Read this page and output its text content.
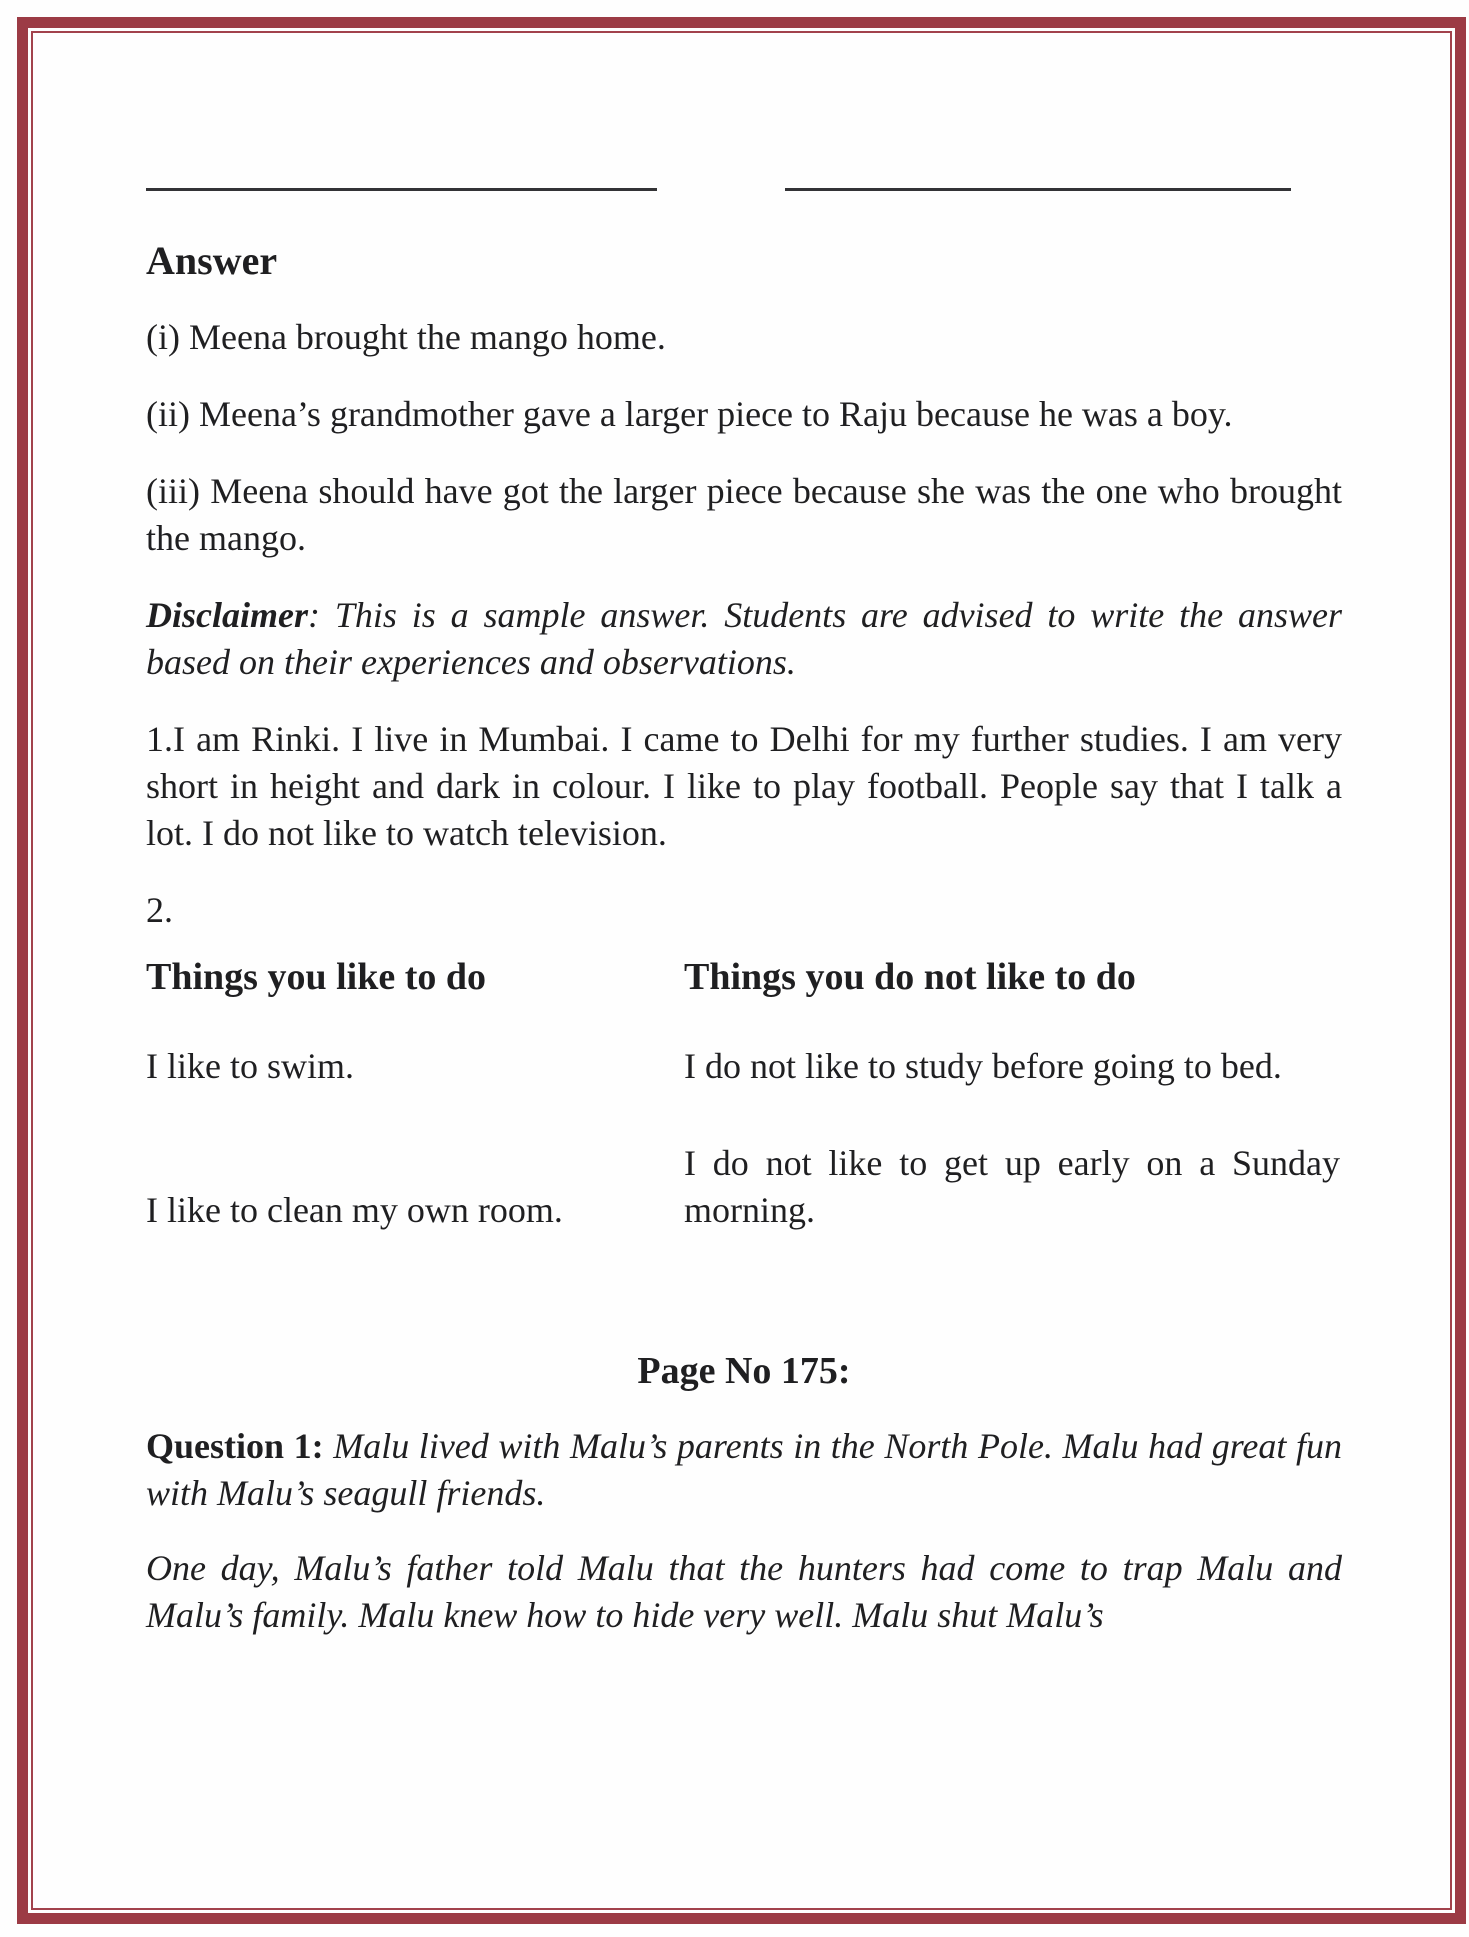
Answer

(i) Meena brought the mango home.

(ii) Meena’s grandmother gave a larger piece to Raju because he was a boy.

(iii) Meena should have got the larger piece because she was the one who brought the mango.

Disclaimer: This is a sample answer. Students are advised to write the answer based on their experiences and observations.

1.I am Rinki. I live in Mumbai. I came to Delhi for my further studies. I am very short in height and dark in colour. I like to play football. People say that I talk a lot. I do not like to watch television.

2.

Things you like to do	Things you do not like to do
I like to swim.	I do not like to study before going to bed.
I like to clean my own room.	I do not like to get up early on a Sunday morning.
Page No 175:

Question 1: Malu lived with Malu’s parents in the North Pole. Malu had great fun with Malu’s seagull friends.

One day, Malu’s father told Malu that the hunters had come to trap Malu and Malu’s family. Malu knew how to hide very well. Malu shut Malu’s
